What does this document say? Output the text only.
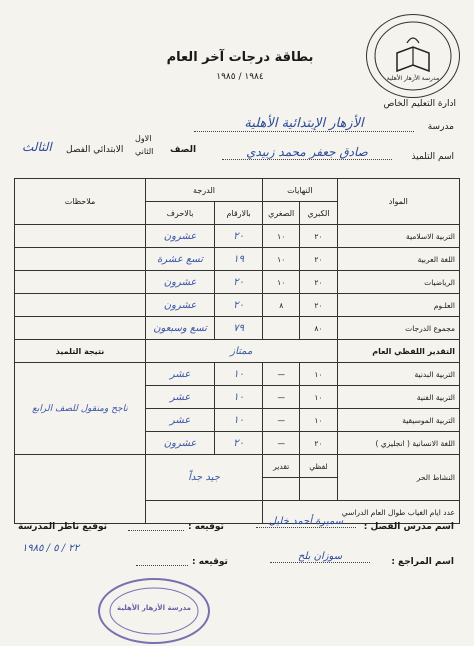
مدرسة الأزهار الأهلية
ادارة التعليم الخاص
بطاقة درجات آخر العام
١٩٨٤ / ١٩٨٥
مدرسة
الأزهار الإبتدائية الأهلية
الصف
الاول
الثاني
الابتدائي الفصل
الثالث
اسم التلميذ
صادق جعفر محمد زبيدي
المواد	النهايات		الدرجة		ملاحظات
	الكبري	الصغري	بالارقام	بالاحرف	
التربية الاسلامية	٢٠	١٠	٢٠	عشرون	
اللغة العربية	٢٠	١٠	١٩	تسع عشرة	
الرياضيات	٢٠	١٠	٢٠	عشرون	
العلـوم	٢٠	٨	٢٠	عشرون	
مجموع الدرجات	٨٠		٧٩	تسع وسبعون	
التقدير اللفظي العام	ممتاز				نتيجة التلميذ
التربية البدنية	١٠	—	١٠	عشر	ناجح ومنقول للصف الرابع
التربية الفنية	١٠	—	١٠	عشر	
التربية الموسيقية	١٠	—	١٠	عشر	
اللغة الانسانية ( انجليزي )	٢٠	—	٢٠	عشرون	
النشاط الحر	لفظي	تقدير	جيد جداً		

عدد ايام الغياب طوال العام الدراسي					
اسم مدرس الفصل :
سميرة أحمد خليل
توقيعه :
توقيع ناظر المدرسة
اسم المراجع :
سوزان بلح
توقيعه :
٢٢ / ٥ / ١٩٨٥
مدرسة الأزهار الأهلية
